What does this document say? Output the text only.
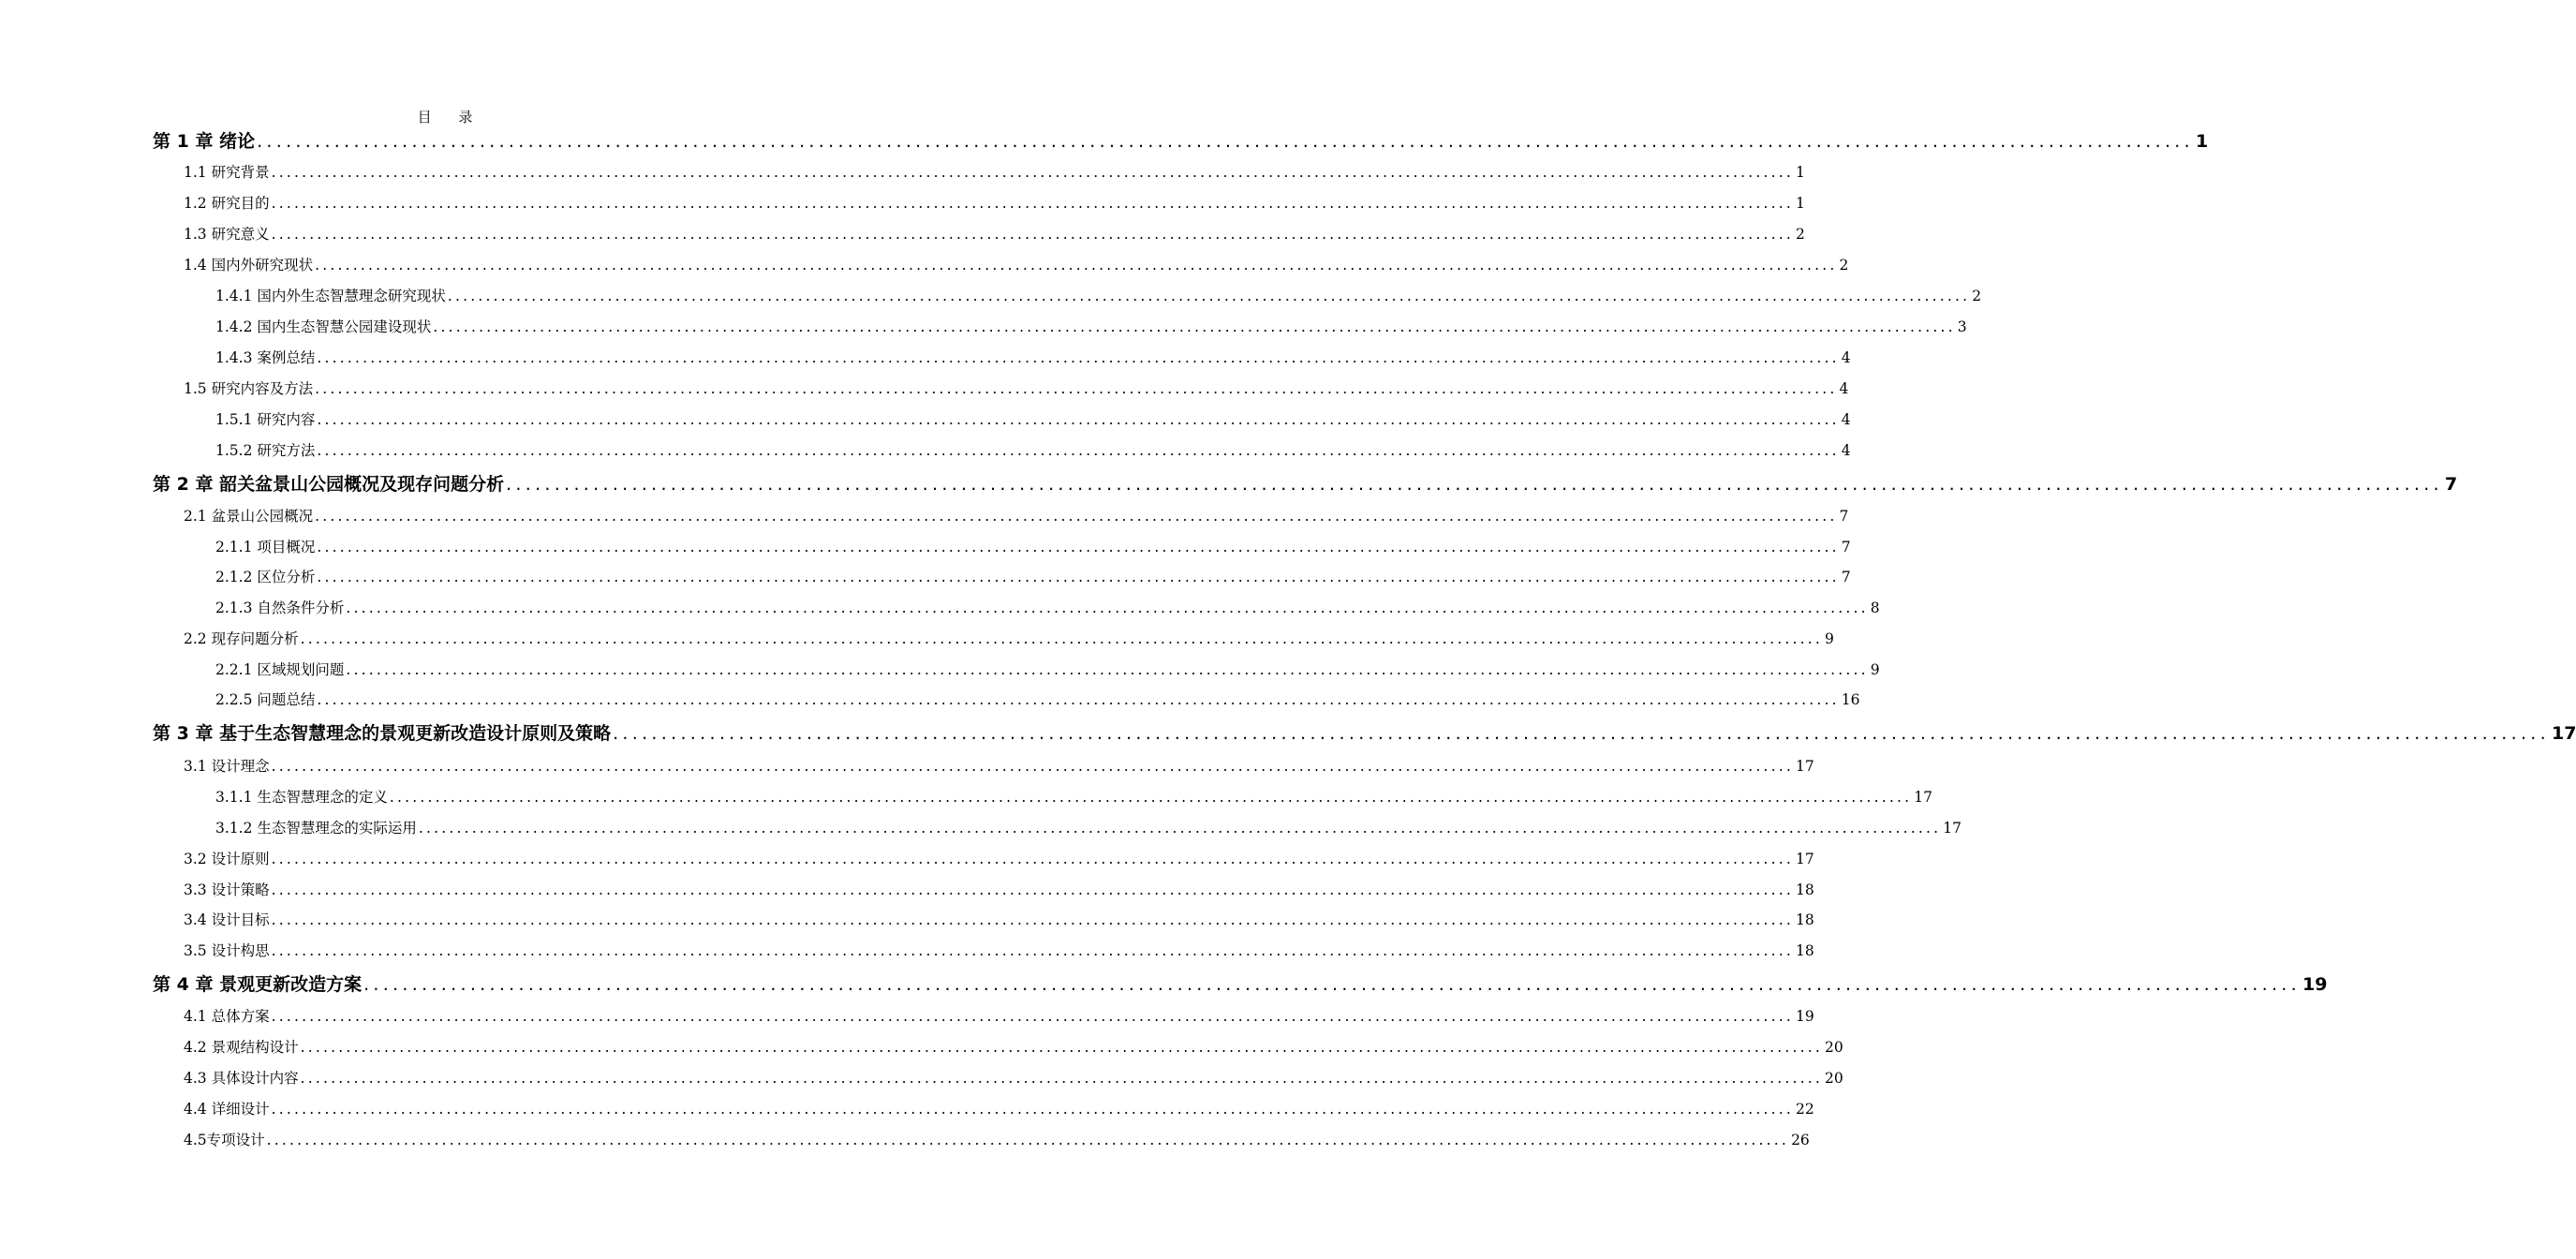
目 录
第 1 章 绪论 ........................................................................................................................................................................................................ 1
1.1 研究背景 ........................................................................................................................................................................................................ 1
1.2 研究目的 ........................................................................................................................................................................................................ 1
1.3 研究意义 ........................................................................................................................................................................................................ 2
1.4 国内外研究现状 ........................................................................................................................................................................................................ 2
1.4.1 国内外生态智慧理念研究现状 ........................................................................................................................................................................................................ 2
1.4.2 国内生态智慧公园建设现状 ........................................................................................................................................................................................................ 3
1.4.3 案例总结 ........................................................................................................................................................................................................ 4
1.5 研究内容及方法 ........................................................................................................................................................................................................ 4
1.5.1 研究内容 ........................................................................................................................................................................................................ 4
1.5.2 研究方法 ........................................................................................................................................................................................................ 4
第 2 章 韶关盆景山公园概况及现存问题分析 ........................................................................................................................................................................................................ 7
2.1 盆景山公园概况 ........................................................................................................................................................................................................ 7
2.1.1 项目概况 ........................................................................................................................................................................................................ 7
2.1.2 区位分析 ........................................................................................................................................................................................................ 7
2.1.3 自然条件分析 ........................................................................................................................................................................................................ 8
2.2 现存问题分析 ........................................................................................................................................................................................................ 9
2.2.1 区域规划问题 ........................................................................................................................................................................................................ 9
2.2.5 问题总结 ........................................................................................................................................................................................................ 16
第 3 章 基于生态智慧理念的景观更新改造设计原则及策略 ........................................................................................................................................................................................................ 17
3.1 设计理念 ........................................................................................................................................................................................................ 17
3.1.1 生态智慧理念的定义 ........................................................................................................................................................................................................ 17
3.1.2 生态智慧理念的实际运用 ........................................................................................................................................................................................................ 17
3.2 设计原则 ........................................................................................................................................................................................................ 17
3.3 设计策略 ........................................................................................................................................................................................................ 18
3.4 设计目标 ........................................................................................................................................................................................................ 18
3.5 设计构思 ........................................................................................................................................................................................................ 18
第 4 章 景观更新改造方案 ........................................................................................................................................................................................................ 19
4.1 总体方案 ........................................................................................................................................................................................................ 19
4.2 景观结构设计 ........................................................................................................................................................................................................ 20
4.3 具体设计内容 ........................................................................................................................................................................................................ 20
4.4 详细设计 ........................................................................................................................................................................................................ 22
4.5专项设计 ........................................................................................................................................................................................................ 26
